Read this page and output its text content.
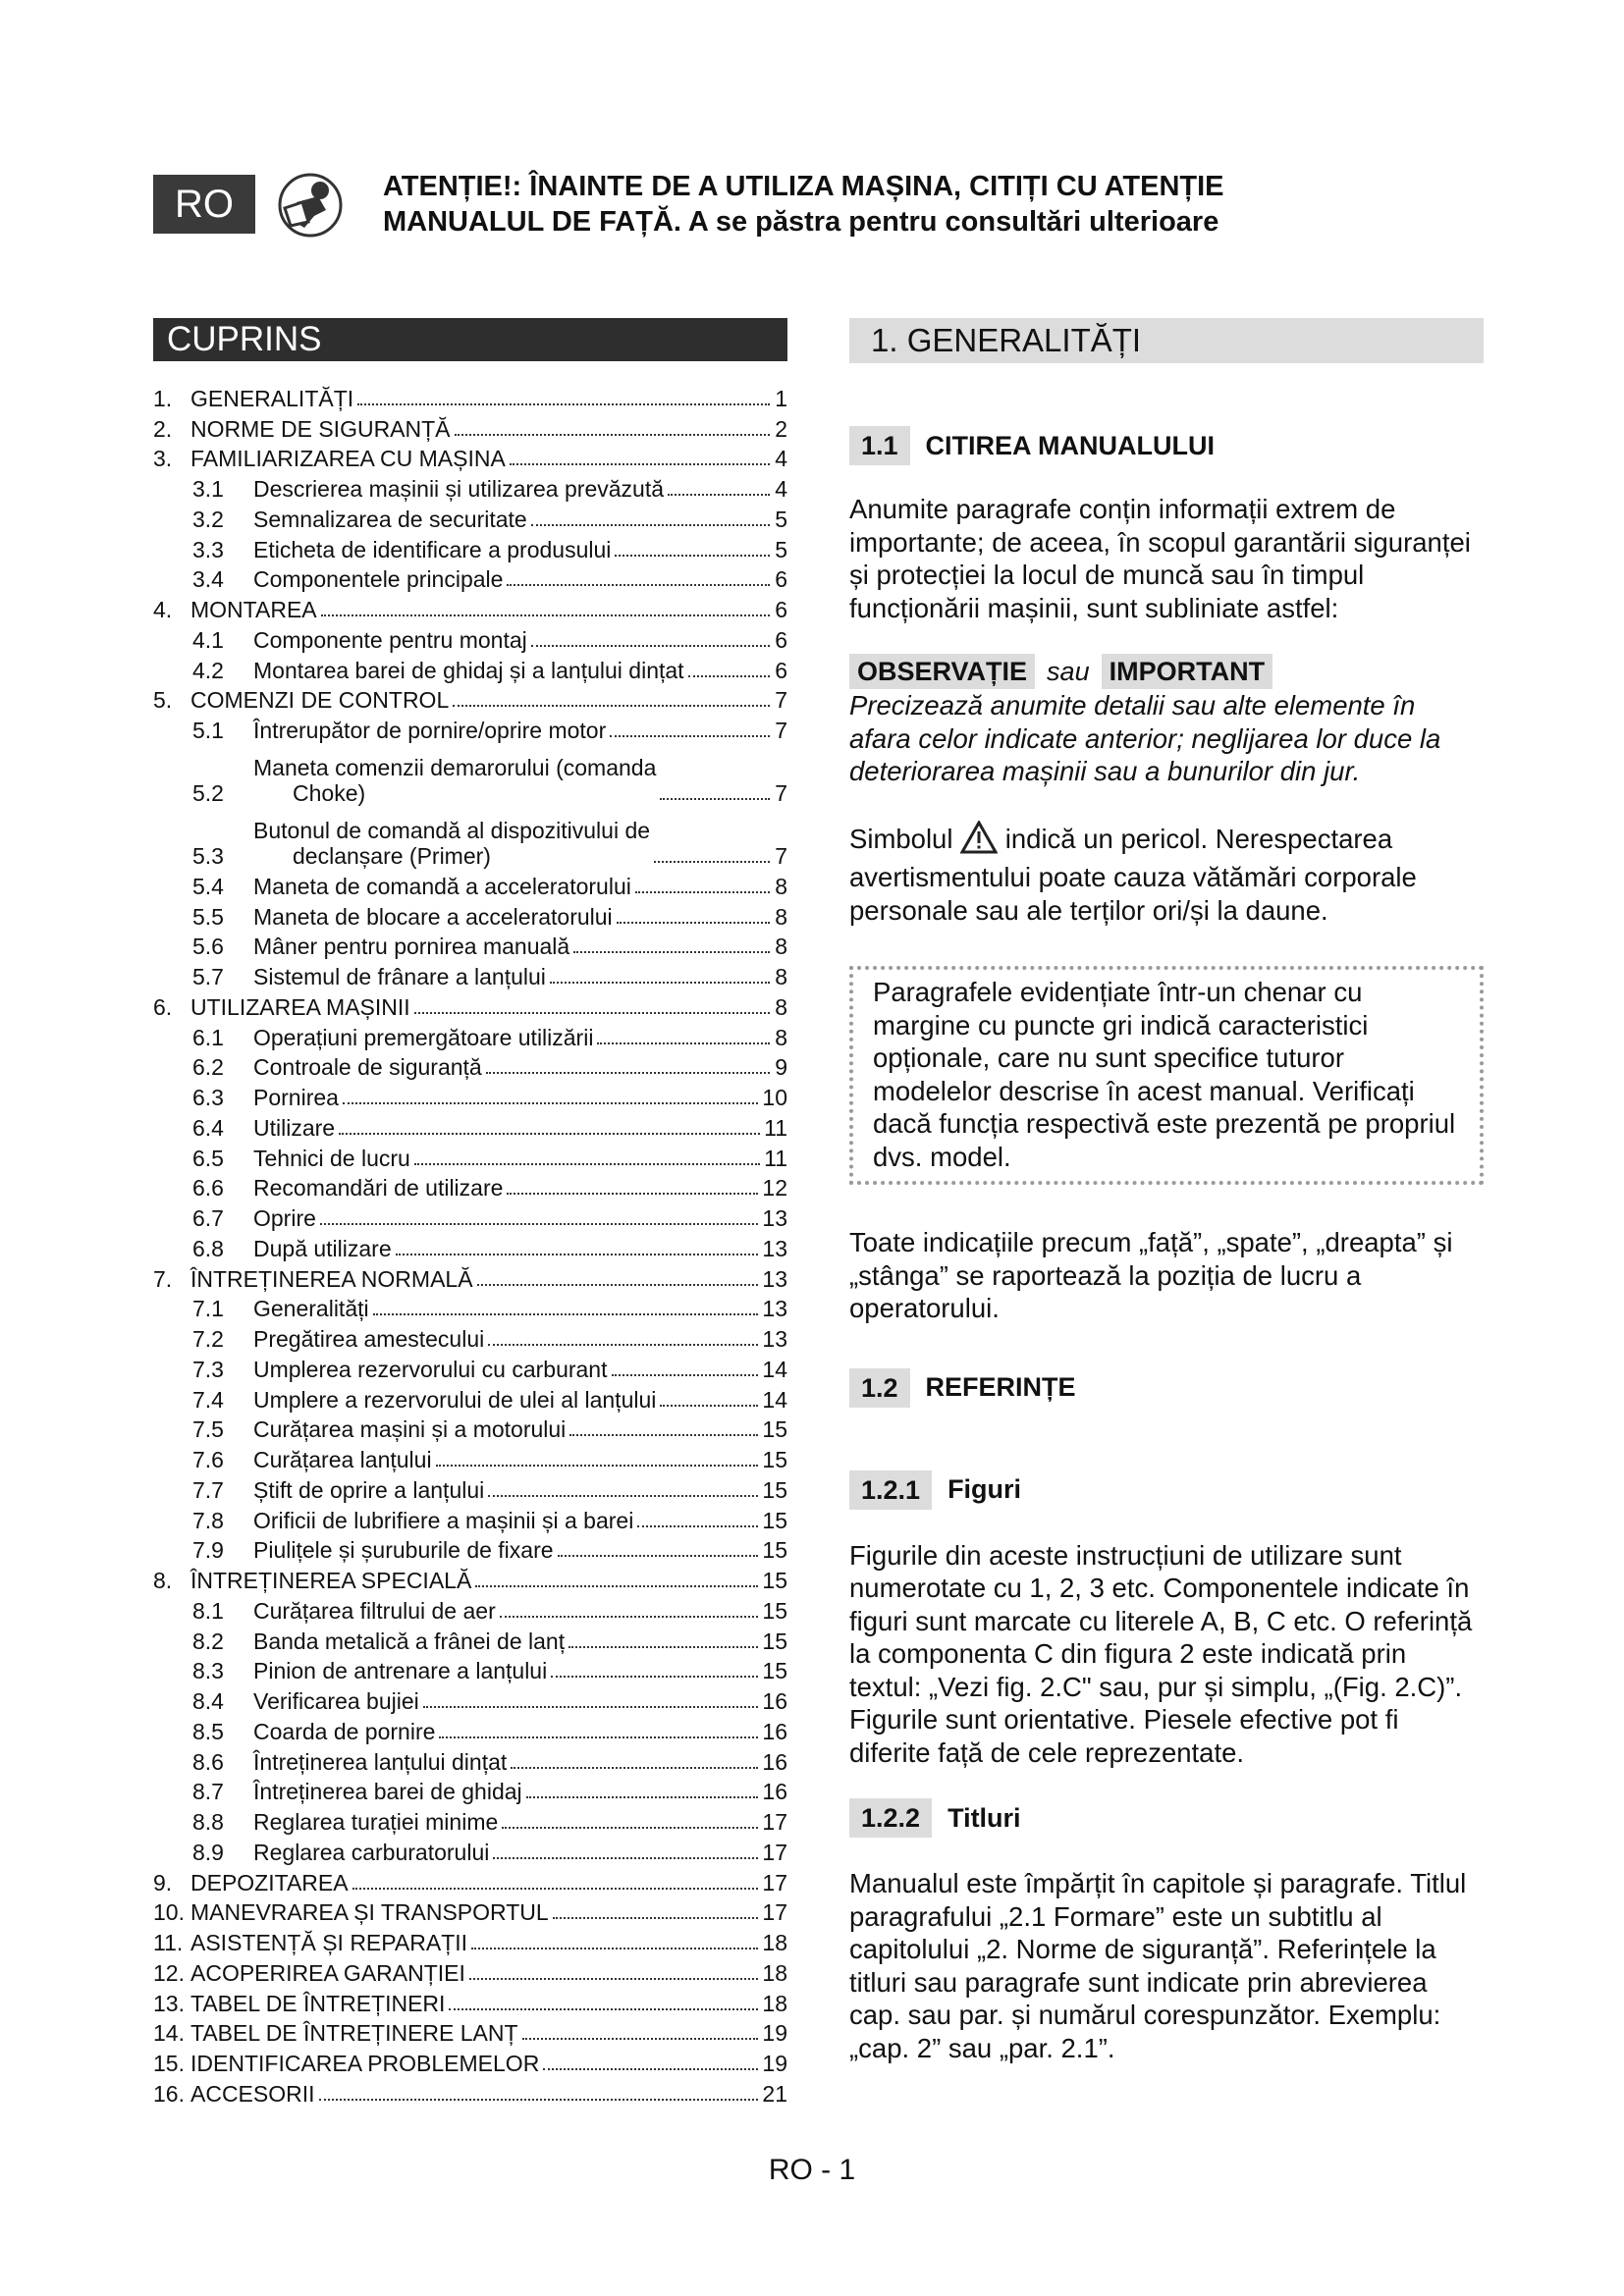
RO	ATENȚIE!: ÎNAINTE DE A UTILIZA MAȘINA, CITIȚI CU ATENȚIE
MANUALUL DE FAȚĂ. A se păstra pentru consultări ulterioare
CUPRINS
1. GENERALITĂȚI	1
2. NORME DE SIGURANȚĂ	2
3. FAMILIARIZAREA CU MAȘINA	4
3.1	Descrierea mașinii și utilizarea prevăzută	4
3.2	Semnalizarea de securitate	5
3.3	Eticheta de identificare a produsului	5
3.4	Componentele principale	6
4. MONTAREA	6
4.1	Componente pentru montaj	6
4.2	Montarea barei de ghidaj și a lanțului dințat	6
5. COMENZI DE CONTROL	7
5.1	Întrerupător de pornire/oprire motor	7
5.2
Maneta comenzii demarorului (comanda
Choke)	7
5.3
Butonul de comandă al dispozitivului de
declanșare (Primer)	7
5.4	Maneta de comandă a acceleratorului	8
5.5	Maneta de blocare a acceleratorului	8
5.6	Mâner pentru pornirea manuală	8
5.7	Sistemul de frânare a lanțului	8
6. UTILIZAREA MAȘINII	8
6.1	Operațiuni premergătoare utilizării	8
6.2	Controale de siguranță	9
6.3	Pornirea	10
6.4	Utilizare	11
6.5	Tehnici de lucru	11
6.6	Recomandări de utilizare	12
6.7	Oprire	13
6.8	După utilizare	13
7. ÎNTREȚINEREA NORMALĂ	13
7.1	Generalități	13
7.2	Pregătirea amestecului	13
7.3	Umplerea rezervorului cu carburant	14
7.4	Umplere a rezervorului de ulei al lanțului	14
7.5	Curățarea mașini și a motorului	15
7.6	Curățarea lanțului	15
7.7	Știft de oprire a lanțului	15
7.8	Orificii de lubrifiere a mașinii și a barei	15
7.9	Piulițele și șuruburile de fixare	15
8. ÎNTREȚINEREA SPECIALĂ	15
8.1	Curățarea filtrului de aer	15
8.2	Banda metalică a frânei de lanț	15
8.3	Pinion de antrenare a lanțului	15
8.4	Verificarea bujiei	16
8.5	Coarda de pornire	16
8.6	Întreținerea lanțului dințat	16
8.7	Întreținerea barei de ghidaj	16
8.8	Reglarea turației minime	17
8.9	Reglarea carburatorului	17
9. DEPOZITAREA	17
10. MANEVRAREA ȘI TRANSPORTUL	17
11. ASISTENȚĂ ȘI REPARAȚII	18
12. ACOPERIREA GARANȚIEI	18
13. TABEL DE ÎNTREȚINERI	18
14. TABEL DE ÎNTREȚINERE LANȚ	19
15. IDENTIFICAREA PROBLEMELOR	19
16. ACCESORII	21
1. GENERALITĂȚI
1.1	CITIREA MANUALULUI
Anumite paragrafe conțin informații extrem de importante; de aceea, în scopul garantării siguranței și protecției la locul de muncă sau în timpul funcționării mașinii, sunt subliniate astfel:
OBSERVAȚIE sau IMPORTANT
Precizează anumite detalii sau alte elemente în afara celor indicate anterior; neglijarea lor duce la deteriorarea mașinii sau a bunurilor din jur.
Simbolul indică un pericol. Nerespectarea avertismentului poate cauza vătămări corporale personale sau ale terților ori/și la daune.
Paragrafele evidențiate într-un chenar cu margine cu puncte gri indică caracteristici opționale, care nu sunt specifice tuturor modelelor descrise în acest manual. Verificați dacă funcția respectivă este prezentă pe propriul dvs. model.
Toate indicațiile precum „față”, „spate”, „dreapta” și „stânga” se raportează la poziția de lucru a operatorului.
1.2	REFERINȚE
1.2.1	Figuri
Figurile din aceste instrucțiuni de utilizare sunt numerotate cu 1, 2, 3 etc. Componentele indicate în figuri sunt marcate cu literele A, B, C etc. O referință la componenta C din figura 2 este indicată prin textul: „Vezi fig. 2.C" sau, pur și simplu, „(Fig. 2.C)”. Figurile sunt orientative. Piesele efective pot fi diferite față de cele reprezentate.
1.2.2	Titluri
Manualul este împărțit în capitole și paragrafe. Titlul paragrafului „2.1 Formare” este un subtitlu al capitolului „2. Norme de siguranță”. Referințele la titluri sau paragrafe sunt indicate prin abrevierea cap. sau par. și numărul corespunzător. Exemplu: „cap. 2” sau „par. 2.1”.
RO - 1
